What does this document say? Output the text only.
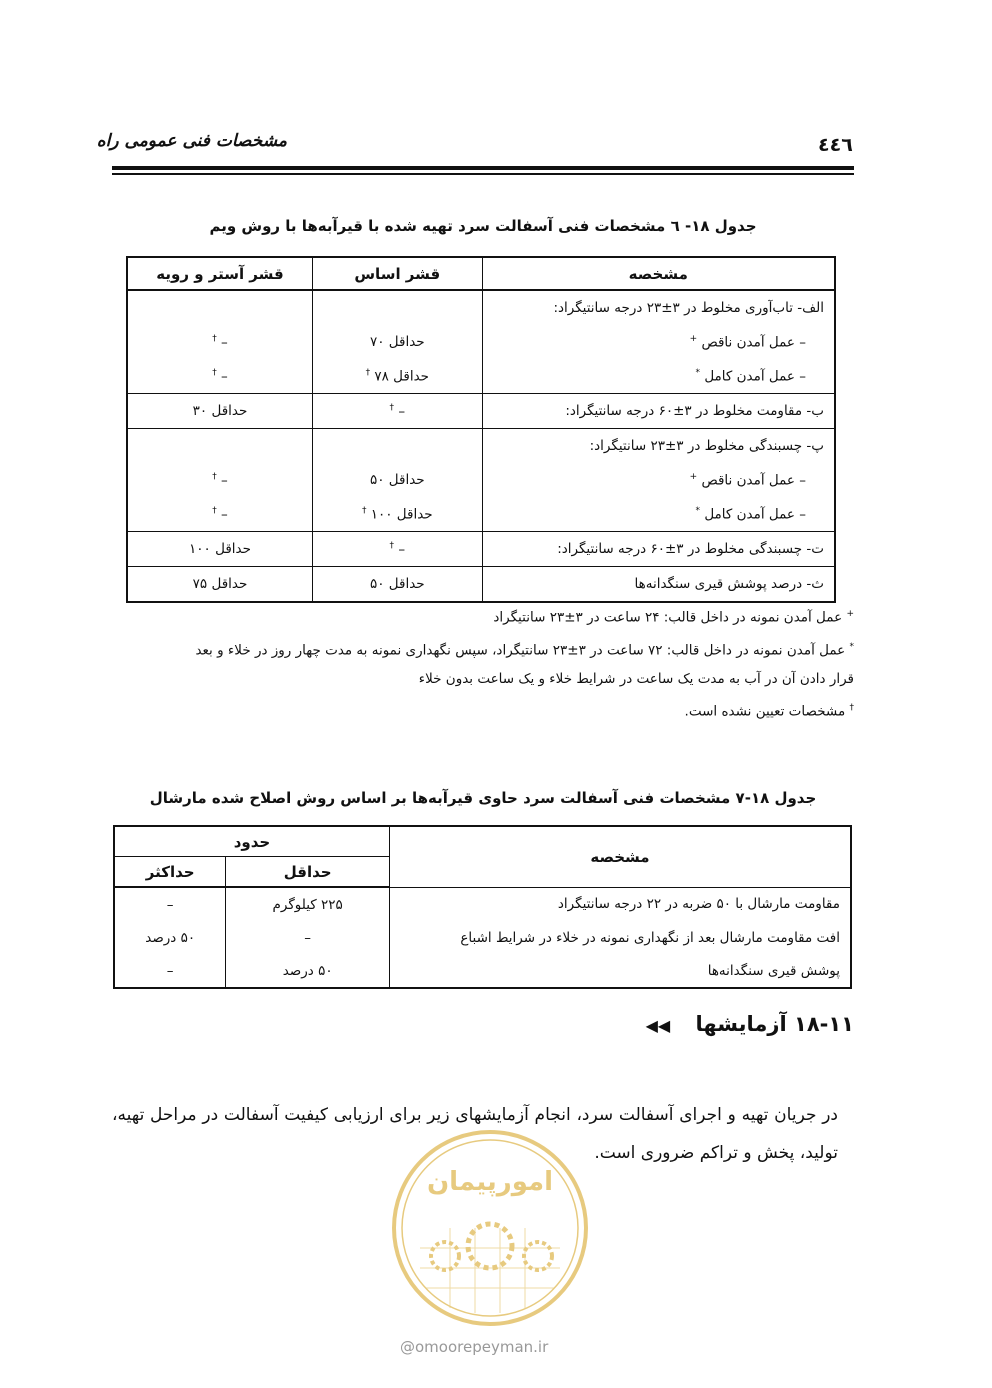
٤٤٦
مشخصات فنی عمومی راه
جدول ۱۸- ٦ مشخصات فنی آسفالت سرد تهیه شده با قیرآبه‌ها با روش ویم
مشخصه	قشر اساس	قشر آستر و رویه
الف- تاب‌آوری مخلوط در ۳±۲۳ درجه سانتیگراد:		
– عمل آمدن ناقص +	حداقل ۷۰	– †
– عمل آمدن کامل *	حداقل ۷۸ †	– †
ب- مقاومت مخلوط در ۳±۶۰ درجه سانتیگراد:	– †	حداقل ۳۰
پ- چسبندگی مخلوط در ۳±۲۳ سانتیگراد:		
– عمل آمدن ناقص +	حداقل ۵۰	– †
– عمل آمدن کامل *	حداقل ۱۰۰ †	– †
ت- چسبندگی مخلوط در ۳±۶۰ درجه سانتیگراد:	– †	حداقل ۱۰۰
ث- درصد پوشش قیری سنگدانه‌ها	حداقل ۵۰	حداقل ۷۵
+ عمل آمدن نمونه در داخل قالب: ۲۴ ساعت در ۳±۲۳ سانتیگراد
* عمل آمدن نمونه در داخل قالب: ۷۲ ساعت در ۳±۲۳ سانتیگراد، سپس نگهداری نمونه به مدت چهار روز در خلاء و بعد
قرار دادن آن در آب به مدت یک ساعت در شرایط خلاء و یک ساعت بدون خلاء
† مشخصات تعیین نشده است.
جدول ۱۸-۷ مشخصات فنی آسفالت سرد حاوی قیرآبه‌ها بر اساس روش اصلاح شده مارشال
مشخصه	حدود	
	حداقل	حداکثر
مقاومت مارشال با ۵۰ ضربه در ۲۲ درجه سانتیگراد	۲۲۵ کیلوگرم	–
افت مقاومت مارشال بعد از نگهداری نمونه در خلاء در شرایط اشباع	–	۵۰ درصد
پوشش قیری سنگدانه‌ها	۵۰ درصد	–
۱۸-۱۱ آزمایشها ◀◀
در جریان تهیه و اجرای آسفالت سرد، انجام آزمایشهای زیر برای ارزیابی کیفیت آسفالت در مراحل تهیه، تولید، پخش و تراکم ضروری است.
امورپیمان
@omoorepeyman.ir
